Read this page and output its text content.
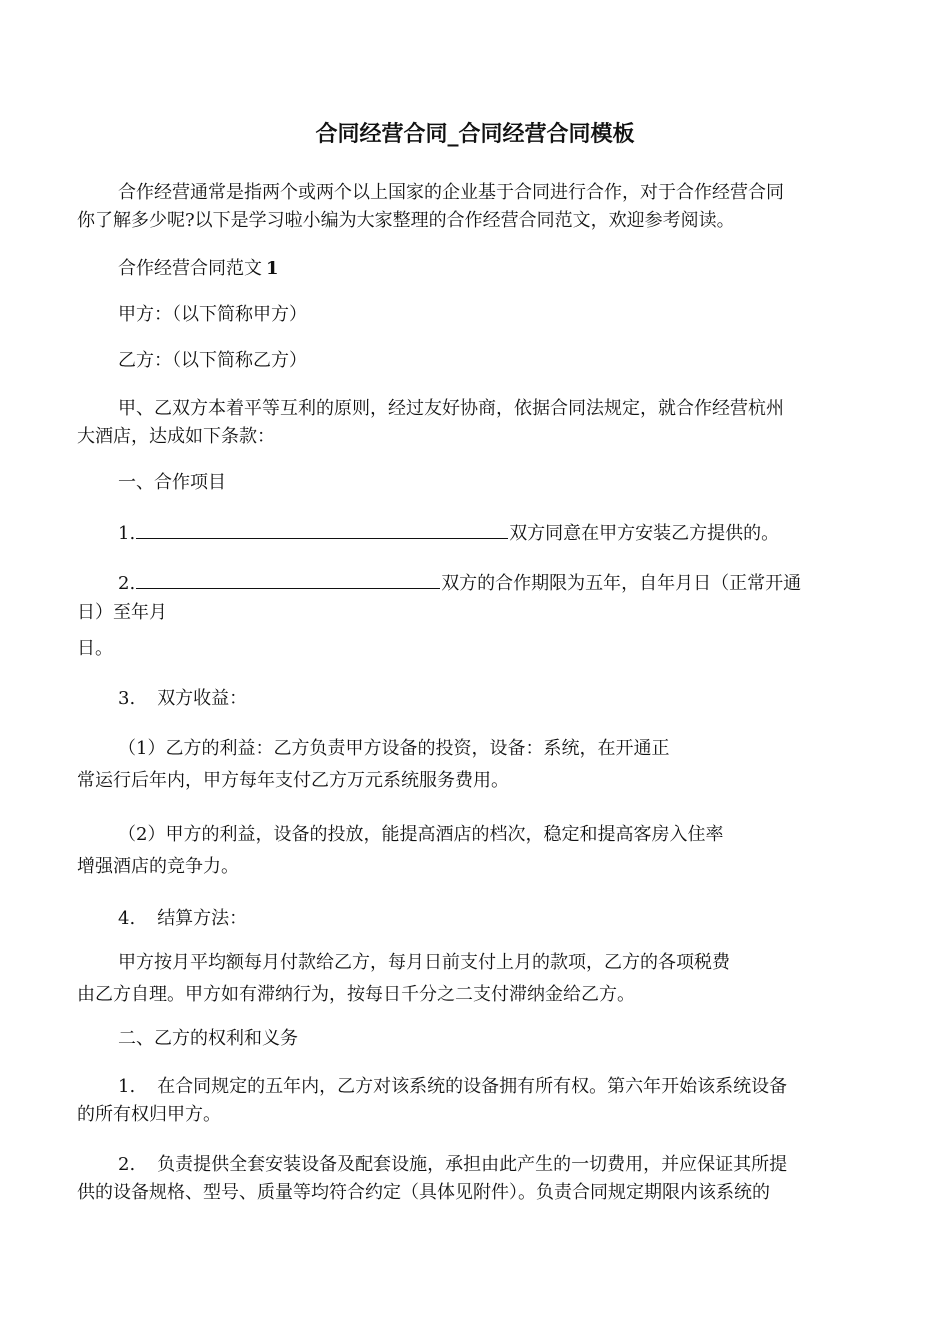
合同经营合同_合同经营合同模板
合作经营通常是指两个或两个以上国家的企业基于合同进行合作，对于合作经营合同
你了解多少呢?以下是学习啦小编为大家整理的合作经营合同范文，欢迎参考阅读。
合作经营合同范文 1
甲方：（以下简称甲方）
乙方：（以下简称乙方）
甲、乙双方本着平等互利的原则，经过友好协商，依据合同法规定，就合作经营杭州
大酒店，达成如下条款：
一、合作项目
1.	双方同意在甲方安装乙方提供的。
2.	双方的合作期限为五年，自年月日（正常开通
日）至年月
日。
3. 双方收益：
（1）乙方的利益：乙方负责甲方设备的投资，设备：系统，在开通正
常运行后年内，甲方每年支付乙方万元系统服务费用。
（2）甲方的利益，设备的投放，能提高酒店的档次，稳定和提高客房入住率
增强酒店的竞争力。
4. 结算方法：
甲方按月平均额每月付款给乙方，每月日前支付上月的款项，乙方的各项税费
由乙方自理。甲方如有滞纳行为，按每日千分之二支付滞纳金给乙方。
二、乙方的权利和义务
1. 在合同规定的五年内，乙方对该系统的设备拥有所有权。第六年开始该系统设备
的所有权归甲方。
2. 负责提供全套安装设备及配套设施，承担由此产生的一切费用，并应保证其所提
供的设备规格、型号、质量等均符合约定（具体见附件）。负责合同规定期限内该系统的
